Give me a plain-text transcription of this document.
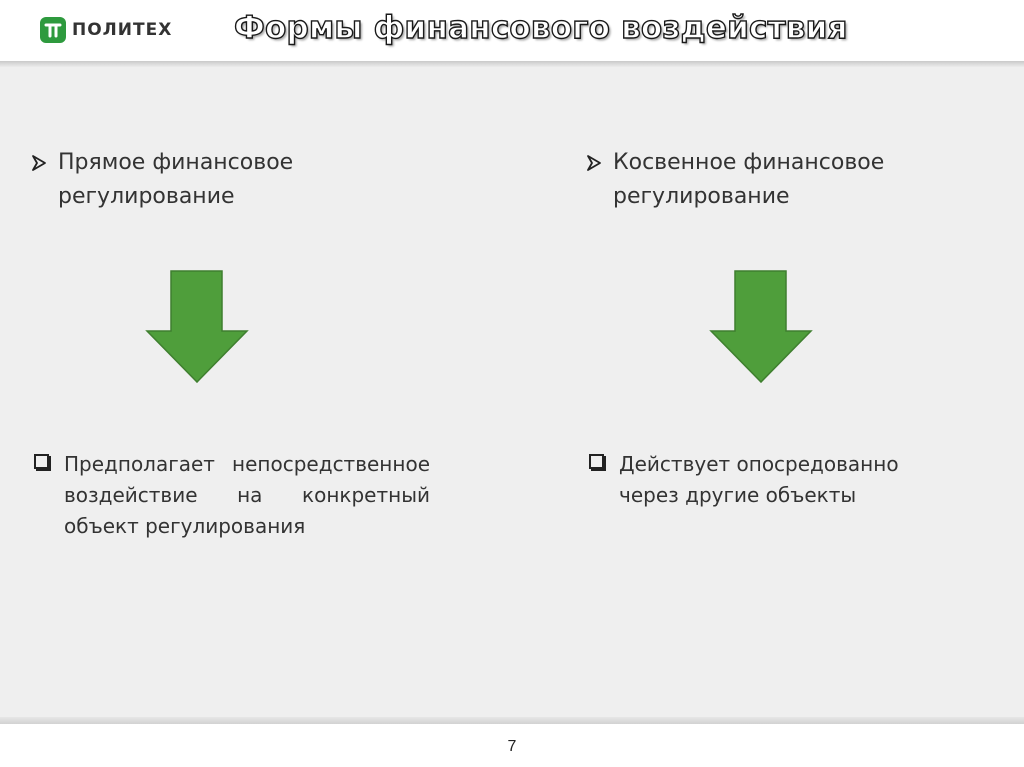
ПОЛИТЕХ Формы финансового воздействия
Прямое финансовое регулирование
Косвенное финансовое регулирование
Предполагает непосредственное воздействие на конкретный объект регулирования
Действует опосредованно через другие объекты
7
